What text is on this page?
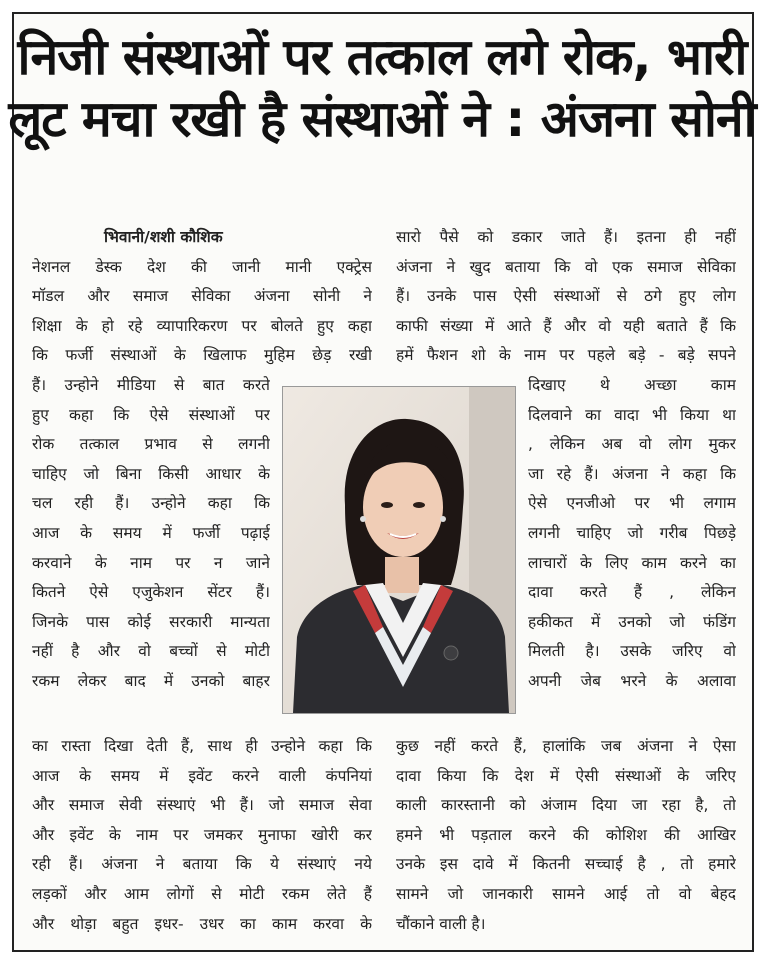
निजी संस्थाओं पर तत्काल लगे रोक, भारी
लूट मचा रखी है संस्थाओं ने : अंजना सोनी
भिवानी/शशी कौशिक
नेशनल डेस्क देश की जानी मानी एक्ट्रेस
मॉडल और समाज सेविका अंजना सोनी ने
शिक्षा के हो रहे व्यापारिकरण पर बोलते हुए कहा
कि फर्जी संस्थाओं के खिलाफ मुहिम छेड़ रखी
हैं। उन्होने मीडिया से बात करते
हुए कहा कि ऐसे संस्थाओं पर
रोक तत्काल प्रभाव से लगनी
चाहिए जो बिना किसी आधार के
चल रही हैं। उन्होने कहा कि
आज के समय में फर्जी पढ़ाई
करवाने के नाम पर न जाने
कितने ऐसे एजुकेशन सेंटर हैं।
जिनके पास कोई सरकारी मान्यता
नहीं है और वो बच्चों से मोटी
रकम लेकर बाद में उनको बाहर
का रास्ता दिखा देती हैं, साथ ही उन्होने कहा कि
आज के समय में इवेंट करने वाली कंपनियां
और समाज सेवी संस्थाएं भी हैं। जो समाज सेवा
और इवेंट के नाम पर जमकर मुनाफा खोरी कर
रही हैं। अंजना ने बताया कि ये संस्थाएं नये
लड़कों और आम लोगों से मोटी रकम लेते हैं
और थोड़ा बहुत इधर- उधर का काम करवा के
सारो पैसे को डकार जाते हैं। इतना ही नहीं
अंजना ने खुद बताया कि वो एक समाज सेविका
हैं। उनके पास ऐसी संस्थाओं से ठगे हुए लोग
काफी संख्या में आते हैं और वो यही बताते हैं कि
हमें फैशन शो के नाम पर पहले बड़े - बड़े सपने
दिखाए थे अच्छा काम
दिलवाने का वादा भी किया था
, लेकिन अब वो लोग मुकर
जा रहे हैं। अंजना ने कहा कि
ऐसे एनजीओ पर भी लगाम
लगनी चाहिए जो गरीब पिछड़े
लाचारों के लिए काम करने का
दावा करते हैं , लेकिन
हकीकत में उनको जो फंडिंग
मिलती है। उसके जरिए वो
अपनी जेब भरने के अलावा
कुछ नहीं करते हैं, हालांकि जब अंजना ने ऐसा
दावा किया कि देश में ऐसी संस्थाओं के जरिए
काली कारस्तानी को अंजाम दिया जा रहा है, तो
हमने भी पड़ताल करने की कोशिश की आखिर
उनके इस दावे में कितनी सच्चाई है , तो हमारे
सामने जो जानकारी सामने आई तो वो बेहद
चौंकाने वाली है।
